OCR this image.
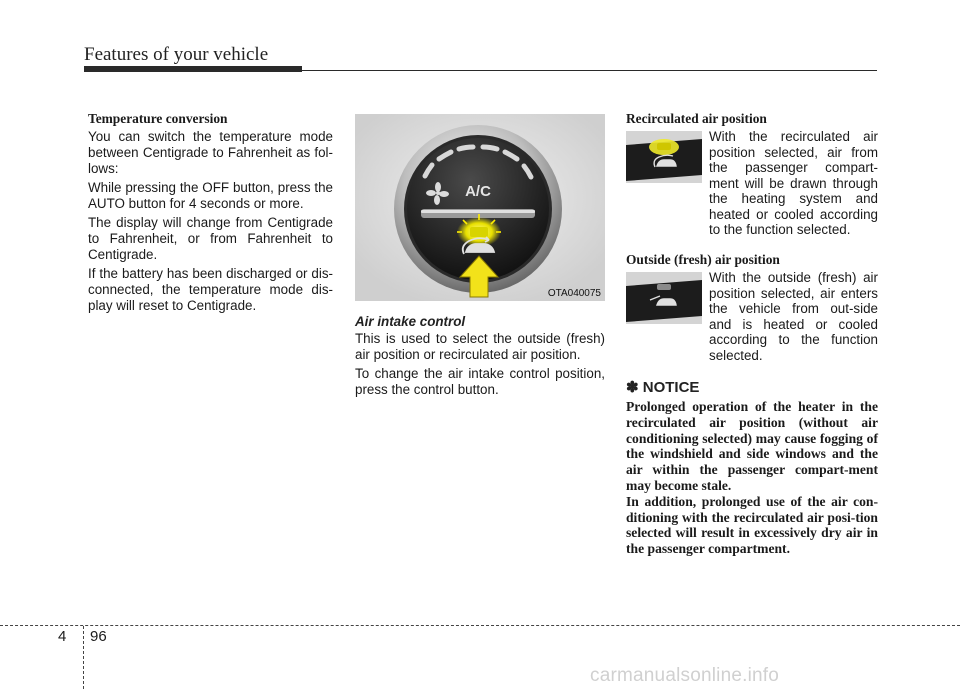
Features of your vehicle
Temperature conversion

You can switch the temperature mode between Centigrade to Fahrenheit as fol-lows:

While pressing the OFF button, press the AUTO button for 4 seconds or more.

The display will change from Centigrade to Fahrenheit, or from Fahrenheit to Centigrade.

If the battery has been discharged or dis-connected, the temperature mode dis-play will reset to Centigrade.

A/C
OTA040075
Air intake control

This is used to select the outside (fresh) air position or recirculated air position.

To change the air intake control position, press the control button.

Recirculated air position
With the recirculated air position selected, air from the passenger compart-ment will be drawn through the heating system and heated or cooled according to the function selected.
Outside (fresh) air position
With the outside (fresh) air position selected, air enters the vehicle from out-side and is heated or cooled according to the function selected.
✽ NOTICE
Prolonged operation of the heater in the recirculated air position (without air conditioning selected) may cause fogging of the windshield and side windows and the air within the passenger compart-ment may become stale.
In addition, prolonged use of the air con-ditioning with the recirculated air posi-tion selected will result in excessively dry air in the passenger compartment.
4 96
carmanualsonline.info
